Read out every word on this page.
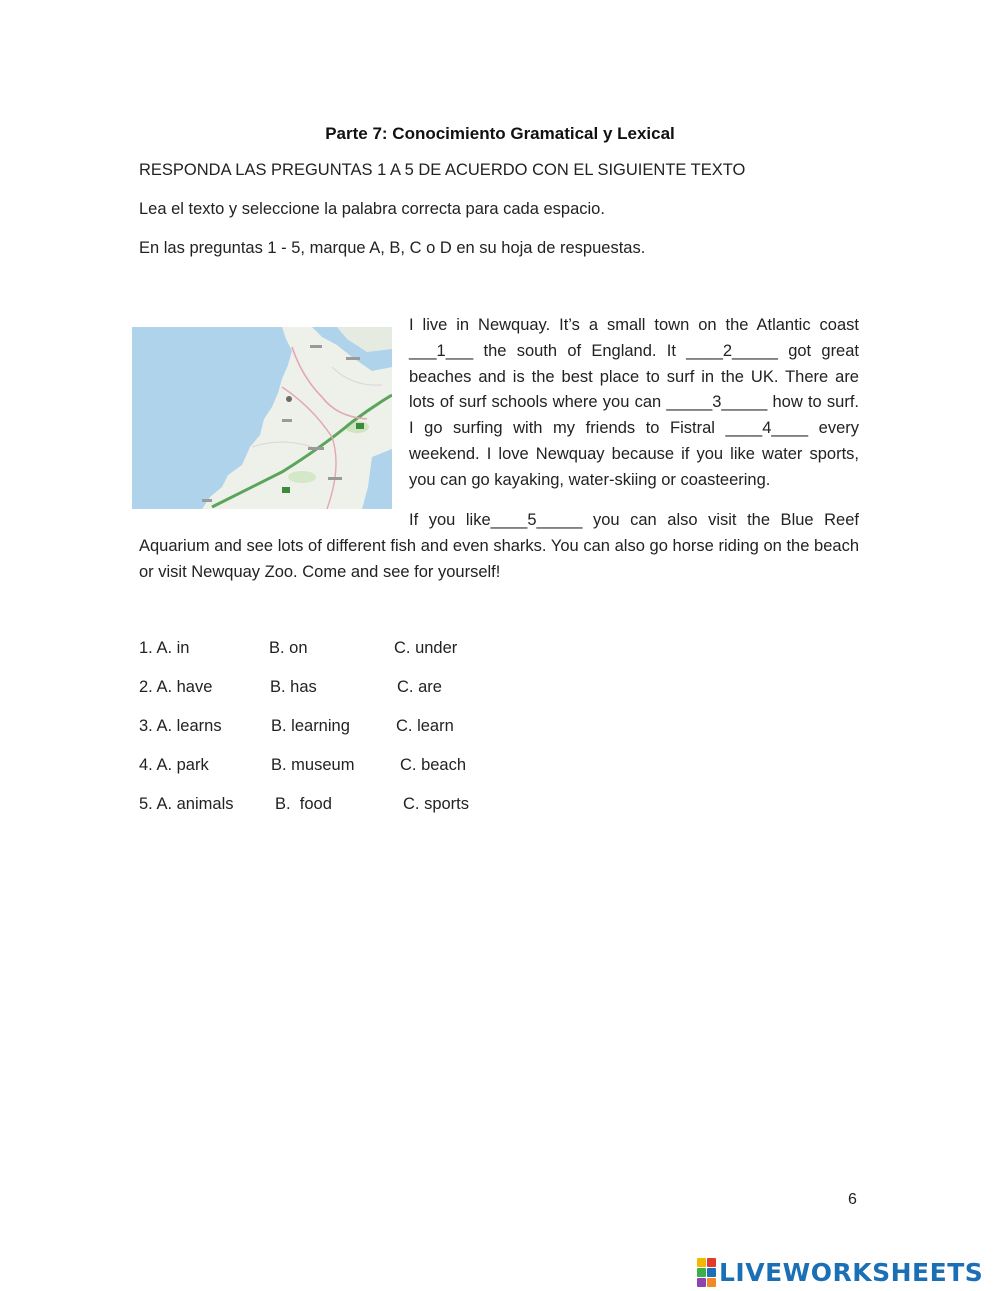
Parte 7: Conocimiento Gramatical y Lexical
RESPONDA LAS PREGUNTAS 1 A 5 DE ACUERDO CON EL SIGUIENTE TEXTO
Lea el texto y seleccione la palabra correcta para cada espacio.
En las preguntas 1 - 5, marque A, B, C o D en su hoja de respuestas.
I live in Newquay. It’s a small town on the Atlantic coast ___1___ the south of England. It ____2_____ got great beaches and is the best place to surf in the UK. There are lots of surf schools where you can _____3_____ how to surf. I go surfing with my friends to Fistral ____4____ every weekend. I love Newquay because if you like water sports, you can go kayaking, water-skiing or coasteering.
If you like____5_____ you can also visit the Blue Reef Aquarium and see lots of different fish and even sharks. You can also go horse riding on the beach or visit Newquay Zoo. Come and see for yourself!
1. A. in	B. on	C. under
2. A. have	B. has	C. are
3. A. learns	B. learning	C. learn
4. A. park	B. museum	C. beach
5. A. animals	B.  food	C. sports
6
LIVEWORKSHEETS
